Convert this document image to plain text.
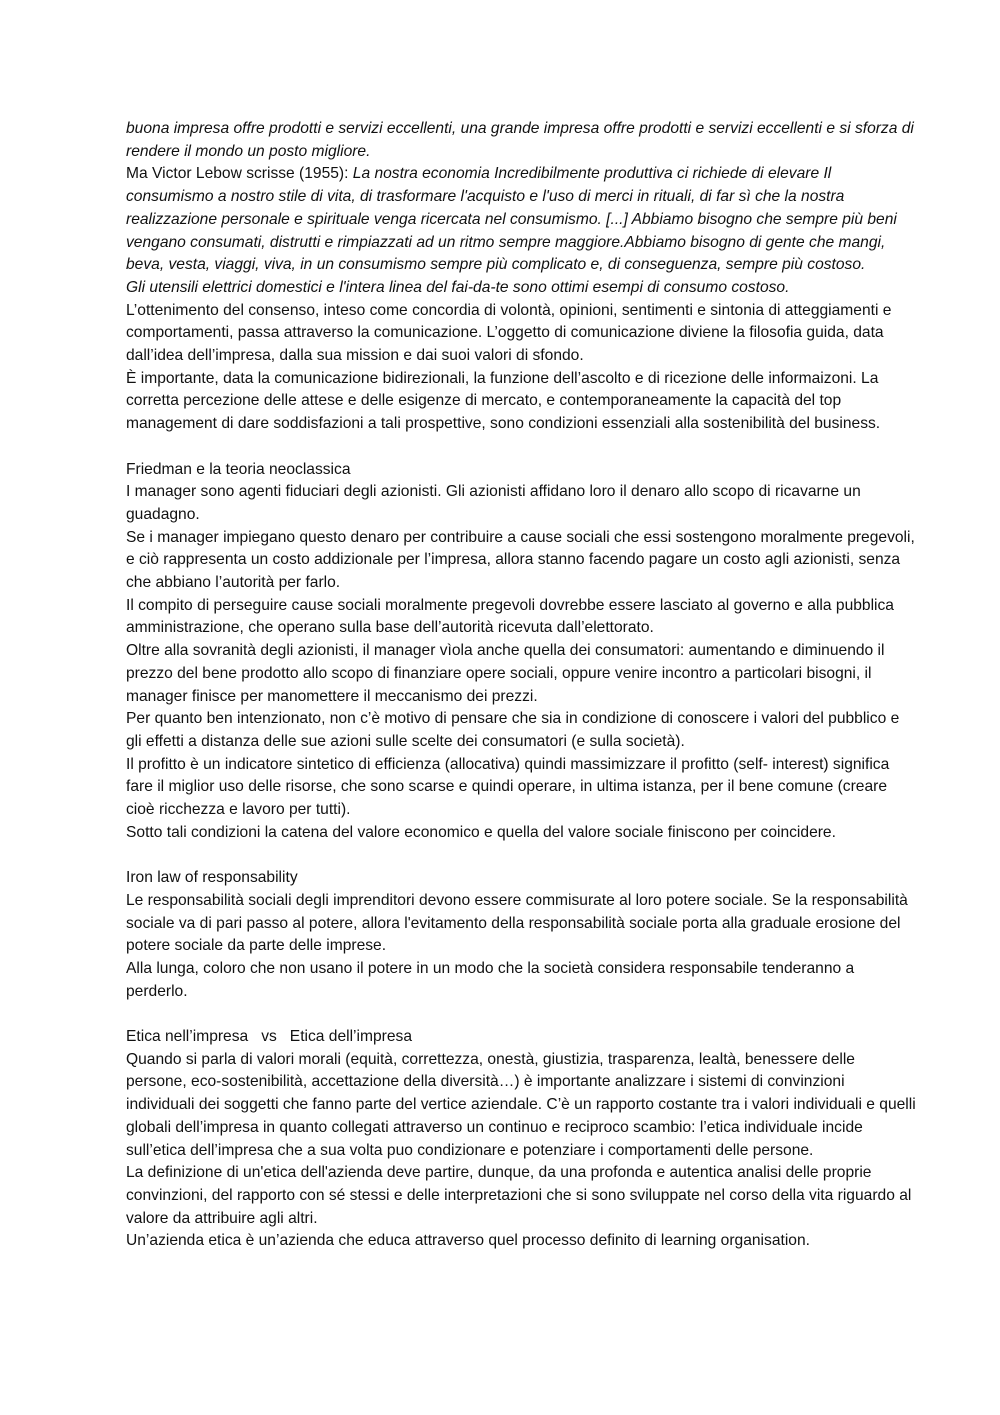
buona impresa offre prodotti e servizi eccellenti, una grande impresa offre prodotti e servizi eccellenti e si sforza di rendere il mondo un posto migliore.

Ma Victor Lebow scrisse (1955): La nostra economia Incredibilmente produttiva ci richiede di elevare Il consumismo a nostro stile di vita, di trasformare l'acquisto e l'uso di merci in rituali, di far sì che la nostra realizzazione personale e spirituale venga ricercata nel consumismo. [...] Abbiamo bisogno che sempre più beni vengano consumati, distrutti e rimpiazzati ad un ritmo sempre maggiore.Abbiamo bisogno di gente che mangi, beva, vesta, viaggi, viva, in un consumismo sempre più complicato e, di conseguenza, sempre più costoso.

Gli utensili elettrici domestici e l'intera linea del fai-da-te sono ottimi esempi di consumo costoso.

L’ottenimento del consenso, inteso come concordia di volontà, opinioni, sentimenti e sintonia di atteggiamenti e comportamenti, passa attraverso la comunicazione. L’oggetto di comunicazione diviene la filosofia guida, data dall’idea dell’impresa, dalla sua mission e dai suoi valori di sfondo.

È importante, data la comunicazione bidirezionali, la funzione dell’ascolto e di ricezione delle informaizoni. La corretta percezione delle attese e delle esigenze di mercato, e contemporaneamente la capacità del top management di dare soddisfazioni a tali prospettive, sono condizioni essenziali alla sostenibilità del business.

Friedman e la teoria neoclassica

I manager sono agenti fiduciari degli azionisti. Gli azionisti affidano loro il denaro allo scopo di ricavarne un guadagno.

Se i manager impiegano questo denaro per contribuire a cause sociali che essi sostengono moralmente pregevoli, e ciò rappresenta un costo addizionale per l’impresa, allora stanno facendo pagare un costo agli azionisti, senza che abbiano l’autorità per farlo.

Il compito di perseguire cause sociali moralmente pregevoli dovrebbe essere lasciato al governo e alla pubblica amministrazione, che operano sulla base dell’autorità ricevuta dall’elettorato.

Oltre alla sovranità degli azionisti, il manager vìola anche quella dei consumatori: aumentando e diminuendo il prezzo del bene prodotto allo scopo di finanziare opere sociali, oppure venire incontro a particolari bisogni, il manager finisce per manomettere il meccanismo dei prezzi.

Per quanto ben intenzionato, non c’è motivo di pensare che sia in condizione di conoscere i valori del pubblico e gli effetti a distanza delle sue azioni sulle scelte dei consumatori (e sulla società).

Il profitto è un indicatore sintetico di efficienza (allocativa) quindi massimizzare il profitto (self- interest) significa fare il miglior uso delle risorse, che sono scarse e quindi operare, in ultima istanza, per il bene comune (creare cioè ricchezza e lavoro per tutti).

Sotto tali condizioni la catena del valore economico e quella del valore sociale finiscono per coincidere.

Iron law of responsability

Le responsabilità sociali degli imprenditori devono essere commisurate al loro potere sociale. Se la responsabilità sociale va di pari passo al potere, allora l'evitamento della responsabilità sociale porta alla graduale erosione del potere sociale da parte delle imprese.

Alla lunga, coloro che non usano il potere in un modo che la società considera responsabile tenderanno a perderlo.

Etica nell’impresa   vs   Etica dell’impresa

Quando si parla di valori morali (equità, correttezza, onestà, giustizia, trasparenza, lealtà, benessere delle persone, eco-sostenibilità, accettazione della diversità…) è importante analizzare i sistemi di convinzioni individuali dei soggetti che fanno parte del vertice aziendale. C’è un rapporto costante tra i valori individuali e quelli globali dell’impresa in quanto collegati attraverso un continuo e reciproco scambio: l’etica individuale incide sull’etica dell’impresa che a sua volta puo condizionare e potenziare i comportamenti delle persone.

La definizione di un'etica dell'azienda deve partire, dunque, da una profonda e autentica analisi delle proprie convinzioni, del rapporto con sé stessi e delle interpretazioni che si sono sviluppate nel corso della vita riguardo al valore da attribuire agli altri.

Un’azienda etica è un’azienda che educa attraverso quel processo definito di learning organisation.
